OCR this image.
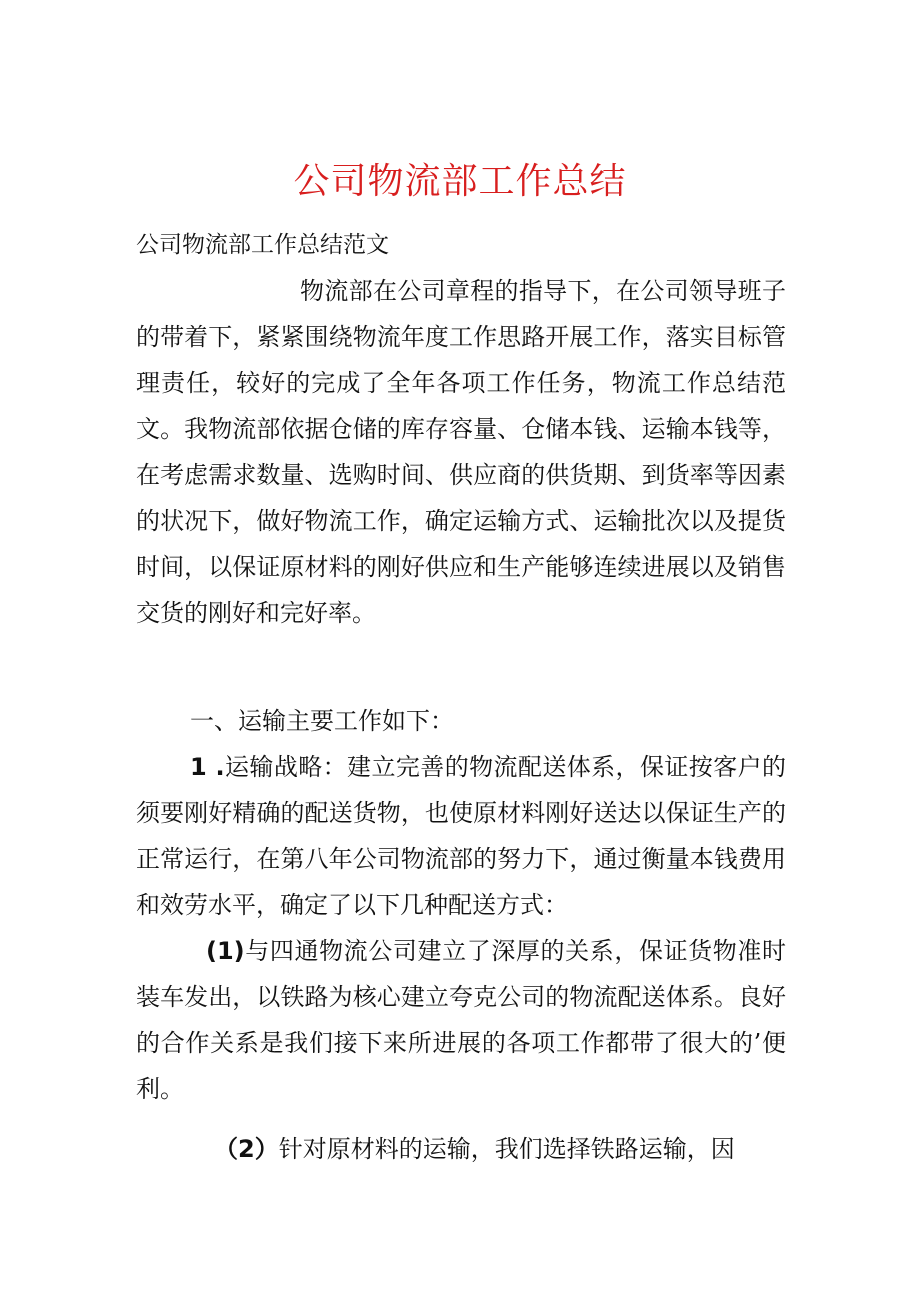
公司物流部工作总结
公司物流部工作总结范文
物流部在公司章程的指导下，在公司领导班子的带着下，紧紧围绕物流年度工作思路开展工作，落实目标管理责任，较好的完成了全年各项工作任务，物流工作总结范文。我物流部依据仓储的库存容量、仓储本钱、运输本钱等，在考虑需求数量、选购时间、供应商的供货期、到货率等因素的状况下，做好物流工作，确定运输方式、运输批次以及提货时间，以保证原材料的刚好供应和生产能够连续进展以及销售交货的刚好和完好率。
一、运输主要工作如下：
1 .运输战略：建立完善的物流配送体系，保证按客户的须要刚好精确的配送货物，也使原材料刚好送达以保证生产的正常运行，在第八年公司物流部的努力下，通过衡量本钱费用和效劳水平，确定了以下几种配送方式：
(1)与四通物流公司建立了深厚的关系，保证货物准时装车发出，以铁路为核心建立夸克公司的物流配送体系。良好的合作关系是我们接下来所进展的各项工作都带了很大的’便利。
（2）针对原材料的运输，我们选择铁路运输，因
